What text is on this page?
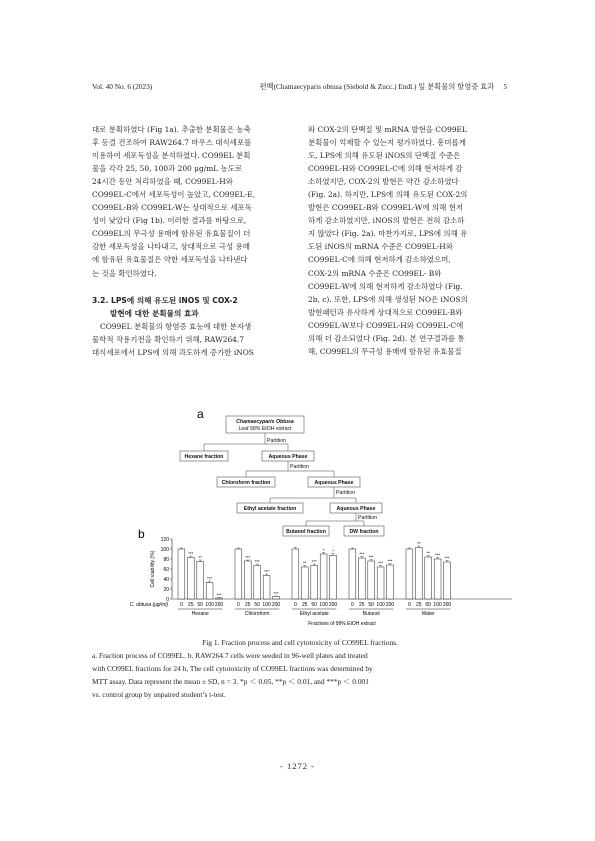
Vol. 40 No. 6 (2023)	편백(Chamaecyparis obtusa (Siebold & Zucc.) Endl.) 잎 분획물의 항염증 효과　 5
대로 분획하였다 (Fig 1a). 추출한 분획물은 농축
후 동결 건조하여 RAW264.7 마우스 대식세포를
이용하여 세포독성을 분석하였다. CO99EL 분획
물을 각각 25, 50, 100과 200 μg/mL 농도로
24시간 동안 처리하였을 때, CO99EL-H와
CO99EL-C에서 세포독성이 높았고, CO99EL-E,
CO99EL-B와 CO99EL-W는 상대적으로 세포독
성이 낮았다 (Fig 1b). 이러한 결과를 바탕으로,
CO99EL의 무극성 용매에 함유된 유효물질이 더
강한 세포독성을 나타내고, 상대적으로 극성 용매
에 함유된 유효물질은 약한 세포독성을 나타낸다
는 것을 확인하였다.

3.2. LPS에 의해 유도된 iNOS 및 COX-2

발현에 대한 분획물의 효과

CO99EL 분획물의 항염증 효능에 대한 분자생
물학적 작용기전을 확인하기 위해, RAW264.7
대식세포에서 LPS에 의해 과도하게 증가한 iNOS
와 COX-2의 단백질 및 mRNA 발현을 CO99EL
분획물이 억제할 수 있는지 평가하였다. 흥미롭게
도, LPS에 의해 유도된 iNOS의 단백질 수준은
CO99EL-H와 CO99EL-C에 의해 현저하게 감
소하였지만, COX-2의 발현은 약간 감소하였다
(Fig. 2a). 하지만, LPS에 의해 유도된 COX-2의
발현은 CO99EL-B와 CO99EL-W에 의해 현저
하게 감소하였지만, iNOS의 발현은 전혀 감소하
지 않았다 (Fig. 2a). 마찬가지로, LPS에 의해 유
도된 iNOS의 mRNA 수준은 CO99EL-H와
CO99EL-C에 의해 현저하게 감소하였으며,
COX-2의 mRNA 수준은 CO99EL- B와
CO99EL-W에 의해 현저하게 감소하였다 (Fig.
2b, c). 또한, LPS에 의해 생성된 NO은 iNOS의
발현패턴과 유사하게 상대적으로 CO99EL-B와
CO99EL-W보다 CO99EL-H와 CO99EL-C에
의해 더 감소되었다 (Fig. 2d). 본 연구결과를 통
해, CO99EL의 무극성 용매에 함유된 유효물질
a
Chamaecyparis Obtusa
Leaf 99% EtOH extract
Partition
Hexane fraction	Aqueous Phase
Partition
Chloroform fraction	Aqueous Phase
Partition
Ethyl acetate fraction	Aqueous Phase
Partition
Butanol fraction	DW fraction
b
0
20
40
60
80
100
120
Cell viability (%)
0
***
25
**
50
***
100
***
200
Hexane
0
***
25
***
50
***
100
***
200
Chloroform
0
**
25
***
50
*
100
*
200
Ethyl acetate
0
***
25
***
50
***
100
***
200
Butanol
0
**
25
**
50
***
100
***
200
Water
C. obtusa (μg/ml)
Fractions of 99% EtOH extract
Fig 1. Fraction process and cell cytotoxicity of CO99EL fractions.
a. Fraction process of CO99EL. b. RAW264.7 cells were seeded in 96-well plates and treated
with CO99EL fractions for 24 h, The cell cytotoxicity of CO99EL fractions was determined by
MTT assay. Data represent the mean ± SD, n = 3. *p ＜ 0.05, **p ＜ 0.01, and ***p ＜ 0.001
vs. control group by unpaired student’s t-test.
- 1272 -
